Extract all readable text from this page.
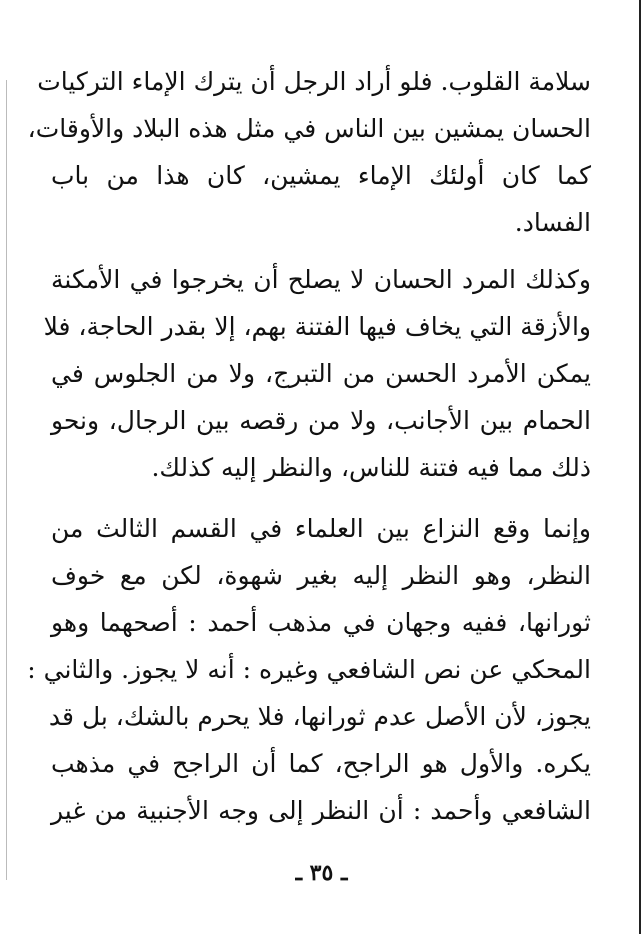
سلامة القلوب. فلو أراد الرجل أن يترك الإماء التركيات
الحسان يمشين بين الناس في مثل هذه البلاد والأوقات،
كما كان أولئك الإماء يمشين، كان هذا من باب
الفساد.
وكذلك المرد الحسان لا يصلح أن يخرجوا في الأمكنة
والأزقة التي يخاف فيها الفتنة بهم، إلا بقدر الحاجة، فلا
يمكن الأمرد الحسن من التبرج، ولا من الجلوس في
الحمام بين الأجانب، ولا من رقصه بين الرجال، ونحو
ذلك مما فيه فتنة للناس، والنظر إليه كذلك.
وإنما وقع النزاع بين العلماء في القسم الثالث من
النظر، وهو النظر إليه بغير شهوة، لكن مع خوف
ثورانها، ففيه وجهان في مذهب أحمد : أصحهما وهو
المحكي عن نص الشافعي وغيره : أنه لا يجوز. والثاني :
يجوز، لأن الأصل عدم ثورانها، فلا يحرم بالشك، بل قد
يكره. والأول هو الراجح، كما أن الراجح في مذهب
الشافعي وأحمد : أن النظر إلى وجه الأجنبية من غير
ـ ٣٥ ـ
